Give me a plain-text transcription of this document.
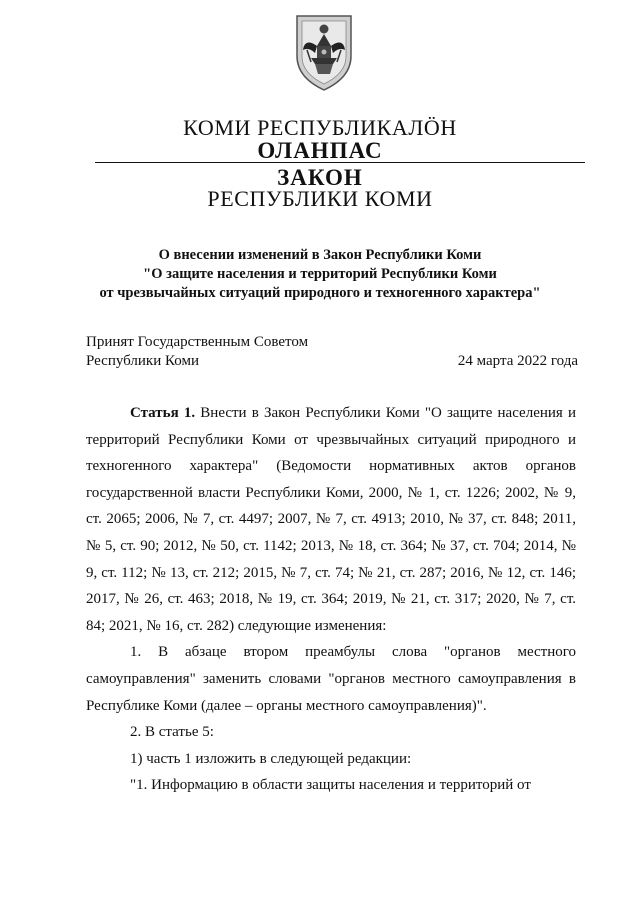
КОМИ РЕСПУБЛИКАЛӦН
ОЛАНПАС
ЗАКОН
РЕСПУБЛИКИ КОМИ
О внесении изменений в Закон Республики Коми
"О защите населения и территорий Республики Коми
от чрезвычайных ситуаций природного и техногенного характера"
Принят Государственным Советом
Республики Коми	24 марта 2022 года

Статья 1. Внести в Закон Республики Коми "О защите населения и территорий Республики Коми от чрезвычайных ситуаций природного и техногенного характера" (Ведомости нормативных актов органов государственной власти Республики Коми, 2000, № 1, ст. 1226; 2002, № 9, ст. 2065; 2006, № 7, ст. 4497; 2007, № 7, ст. 4913; 2010, № 37, ст. 848; 2011, № 5, ст. 90; 2012, № 50, ст. 1142; 2013, № 18, ст. 364; № 37, ст. 704; 2014, № 9, ст. 112; № 13, ст. 212; 2015, № 7, ст. 74; № 21, ст. 287; 2016, № 12, ст. 146; 2017, № 26, ст. 463; 2018, № 19, ст. 364; 2019, № 21, ст. 317; 2020, № 7, ст. 84; 2021, № 16, ст. 282) следующие изменения:

1. В абзаце втором преамбулы слова "органов местного самоуправления" заменить словами "органов местного самоуправления в Республике Коми (далее – органы местного самоуправления)".

2. В статье 5:

1) часть 1 изложить в следующей редакции:

"1. Информацию в области защиты населения и территорий от
